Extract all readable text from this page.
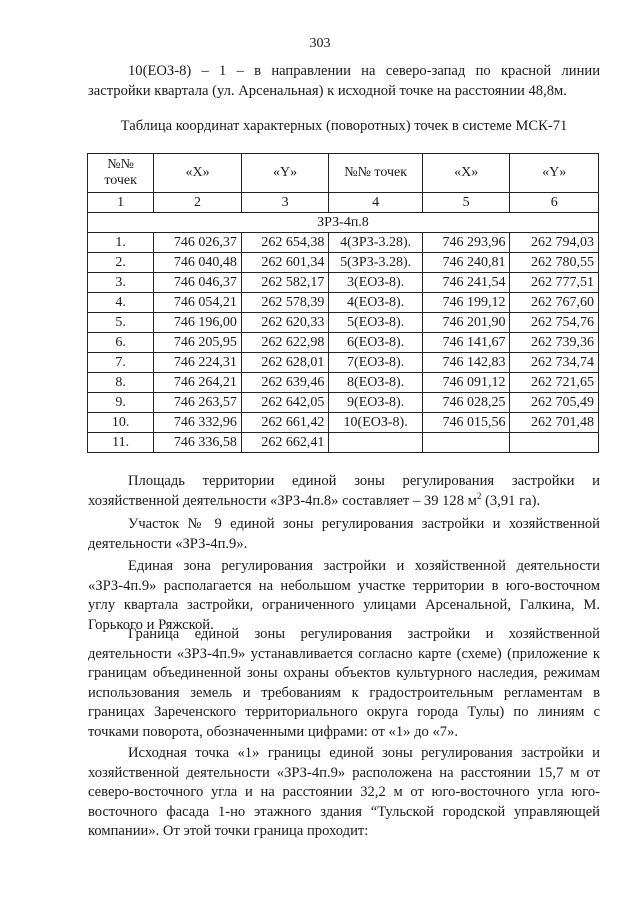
303
10(ЕОЗ-8) – 1 – в направлении на северо-запад по красной линии застройки квартала (ул. Арсенальная) к исходной точке на расстоянии 48,8м.
Таблица координат характерных (поворотных) точек в системе МСК-71
№№ точек	«X»	«Y»	№№ точек	«X»	«Y»
1	2	3	4	5	6
ЗРЗ-4п.8					
1.	746 026,37	262 654,38	4(ЗРЗ-3.28).	746 293,96	262 794,03
2.	746 040,48	262 601,34	5(ЗРЗ-3.28).	746 240,81	262 780,55
3.	746 046,37	262 582,17	3(ЕОЗ-8).	746 241,54	262 777,51
4.	746 054,21	262 578,39	4(ЕОЗ-8).	746 199,12	262 767,60
5.	746 196,00	262 620,33	5(ЕОЗ-8).	746 201,90	262 754,76
6.	746 205,95	262 622,98	6(ЕОЗ-8).	746 141,67	262 739,36
7.	746 224,31	262 628,01	7(ЕОЗ-8).	746 142,83	262 734,74
8.	746 264,21	262 639,46	8(ЕОЗ-8).	746 091,12	262 721,65
9.	746 263,57	262 642,05	9(ЕОЗ-8).	746 028,25	262 705,49
10.	746 332,96	262 661,42	10(ЕОЗ-8).	746 015,56	262 701,48
11.	746 336,58	262 662,41			
Площадь территории единой зоны регулирования застройки и хозяйственной деятельности «ЗРЗ-4п.8» составляет – 39 128 $м^2$ (3,91 га).
Участок № 9 единой зоны регулирования застройки и хозяйственной деятельности «ЗРЗ-4п.9».
Единая зона регулирования застройки и хозяйственной деятельности «ЗРЗ-4п.9» располагается на небольшом участке территории в юго-восточном углу квартала застройки, ограниченного улицами Арсенальной, Галкина, М. Горького и Ряжской.
Граница единой зоны регулирования застройки и хозяйственной деятельности «ЗРЗ-4п.9» устанавливается согласно карте (схеме) (приложение к границам объединенной зоны охраны объектов культурного наследия, режимам использования земель и требованиям к градостроительным регламентам в границах Зареченского территориального округа города Тулы) по линиям с точками поворота, обозначенными цифрами: от «1» до «7».
Исходная точка «1» границы единой зоны регулирования застройки и хозяйственной деятельности «ЗРЗ-4п.9» расположена на расстоянии 15,7 м от северо-восточного угла и на расстоянии 32,2 м от юго-восточного угла юго-восточного фасада 1-но этажного здания “Тульской городской управляющей компании». От этой точки граница проходит:
